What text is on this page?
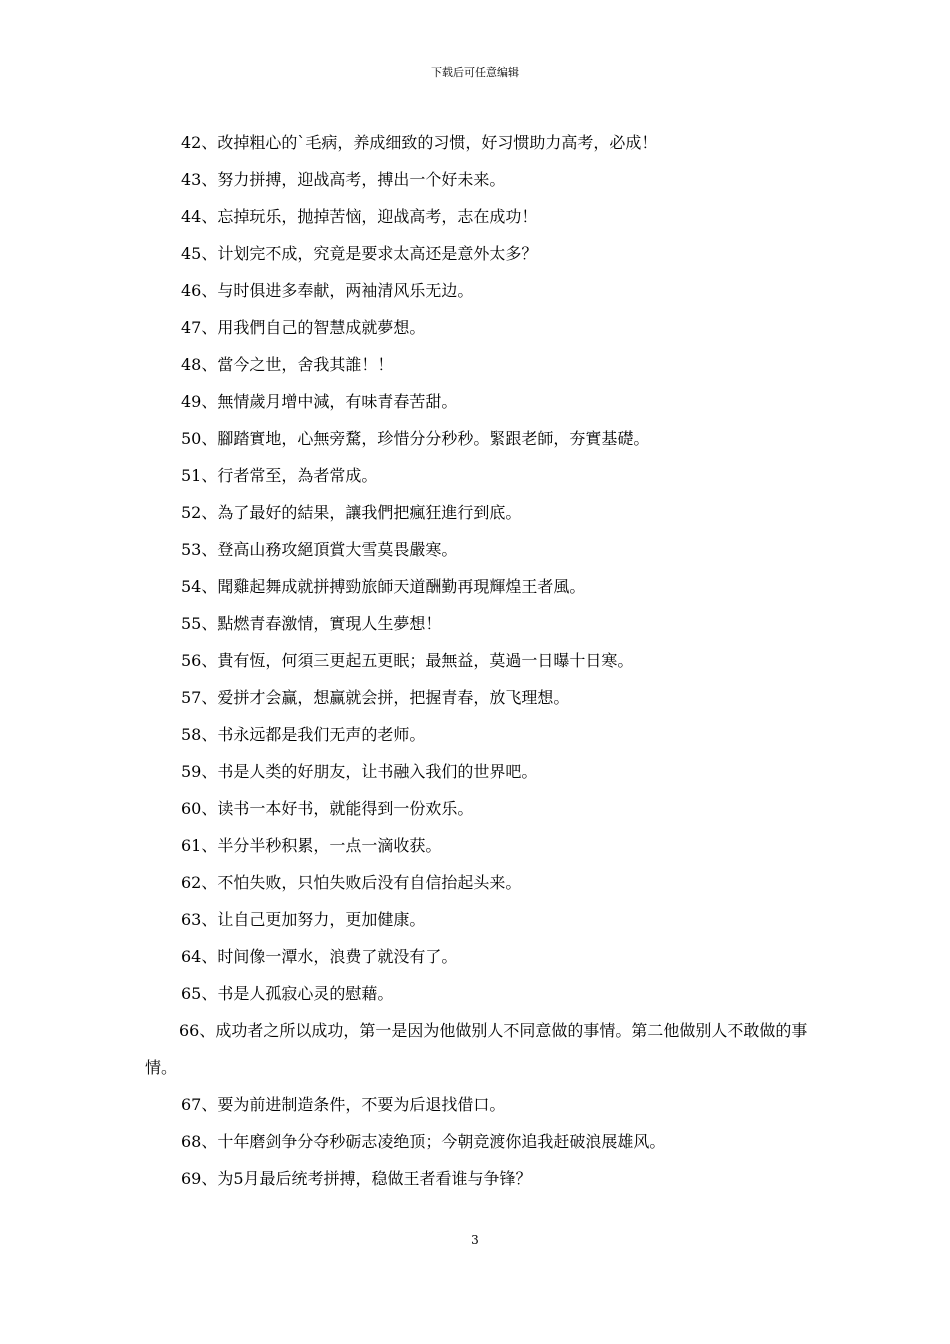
下载后可任意编辑

42、改掉粗心的`毛病，养成细致的习惯，好习惯助力高考，必成！

43、努力拼搏，迎战高考，搏出一个好未来。

44、忘掉玩乐，抛掉苦恼，迎战高考，志在成功！

45、计划完不成，究竟是要求太高还是意外太多？

46、与时俱进多奉献，两袖清风乐无边。

47、用我們自己的智慧成就夢想。

48、當今之世，舍我其誰！！

49、無情歲月增中減，有味青春苦甜。

50、腳踏實地，心無旁騖，珍惜分分秒秒。緊跟老師，夯實基礎。

51、行者常至，為者常成。

52、為了最好的結果，讓我們把瘋狂進行到底。

53、登高山務攻絕頂賞大雪莫畏嚴寒。

54、聞雞起舞成就拼搏勁旅師天道酬勤再現輝煌王者風。

55、點燃青春激情，實現人生夢想！

56、貴有恆，何須三更起五更眠；最無益，莫過一日曝十日寒。

57、爱拼才会赢，想赢就会拼，把握青春，放飞理想。

58、书永远都是我们无声的老师。

59、书是人类的好朋友，让书融入我们的世界吧。

60、读书一本好书，就能得到一份欢乐。

61、半分半秒积累，一点一滴收获。

62、不怕失败，只怕失败后没有自信抬起头来。

63、让自己更加努力，更加健康。

64、时间像一潭水，浪费了就没有了。

65、书是人孤寂心灵的慰藉。

66、成功者之所以成功，第一是因为他做别人不同意做的事情。第二他做别人不敢做的事情。

67、要为前进制造条件，不要为后退找借口。

68、十年磨剑争分夺秒砺志凌绝顶；今朝竞渡你追我赶破浪展雄风。

69、为5月最后统考拼搏，稳做王者看谁与争锋？

3
